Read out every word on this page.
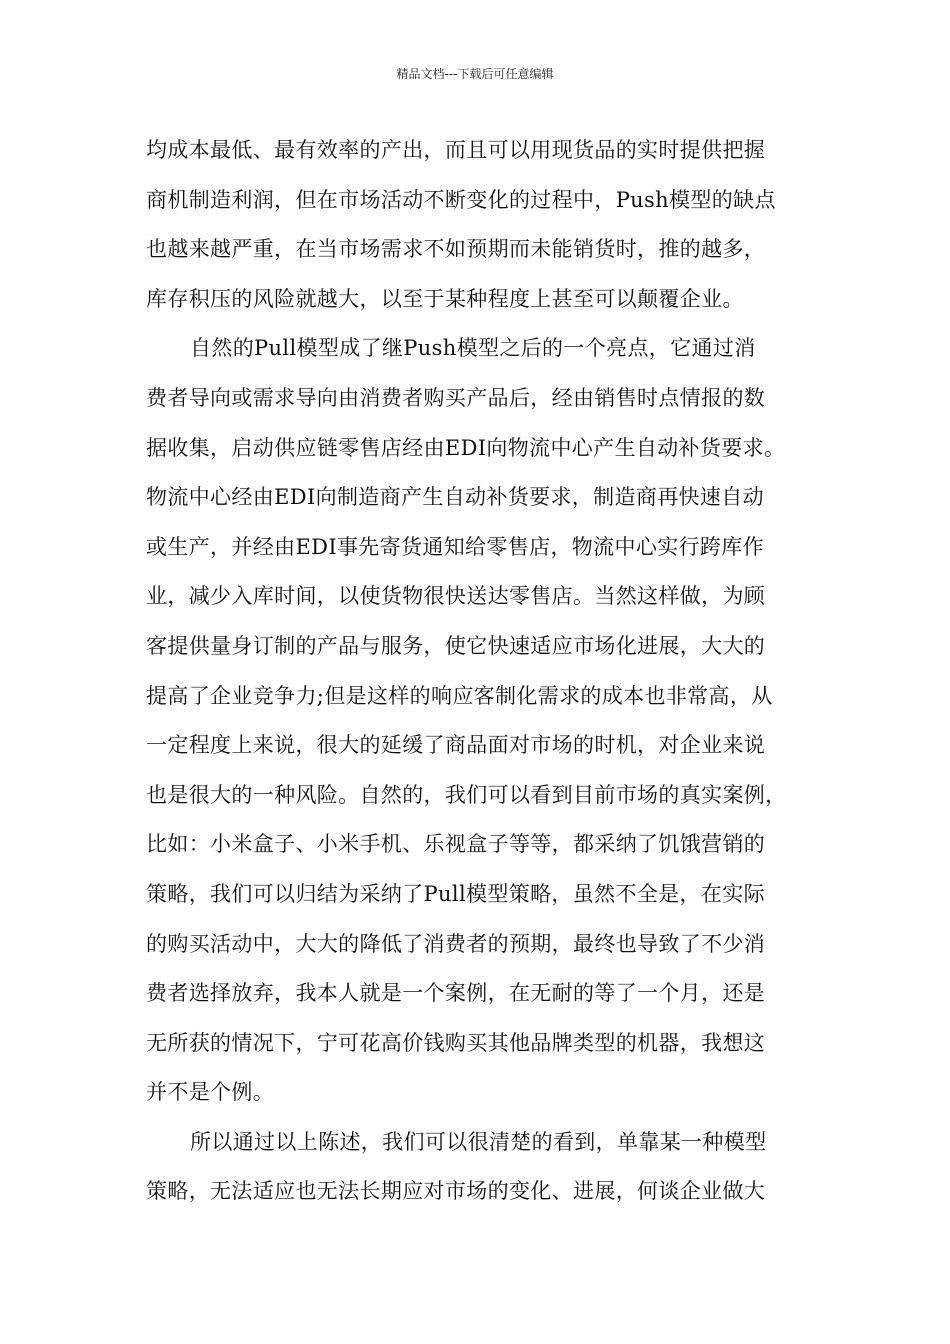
精品文档---下载后可任意编辑
均成本最低、最有效率的产出，而且可以用现货品的实时提供把握
商机制造利润，但在市场活动不断变化的过程中，Push模型的缺点
也越来越严重，在当市场需求不如预期而未能销货时，推的越多，
库存积压的风险就越大，以至于某种程度上甚至可以颠覆企业。
自然的Pull模型成了继Push模型之后的一个亮点，它通过消
费者导向或需求导向由消费者购买产品后，经由销售时点情报的数
据收集，启动供应链零售店经由EDI向物流中心产生自动补货要求。
物流中心经由EDI向制造商产生自动补货要求，制造商再快速自动
或生产，并经由EDI事先寄货通知给零售店，物流中心实行跨库作
业，减少入库时间，以使货物很快送达零售店。当然这样做，为顾
客提供量身订制的产品与服务，使它快速适应市场化进展，大大的
提高了企业竞争力;但是这样的响应客制化需求的成本也非常高，从
一定程度上来说，很大的延缓了商品面对市场的时机，对企业来说
也是很大的一种风险。自然的，我们可以看到目前市场的真实案例，
比如：小米盒子、小米手机、乐视盒子等等，都采纳了饥饿营销的
策略，我们可以归结为采纳了Pull模型策略，虽然不全是，在实际
的购买活动中，大大的降低了消费者的预期，最终也导致了不少消
费者选择放弃，我本人就是一个案例，在无耐的等了一个月，还是
无所获的情况下，宁可花高价钱购买其他品牌类型的机器，我想这
并不是个例。
所以通过以上陈述，我们可以很清楚的看到，单靠某一种模型
策略，无法适应也无法长期应对市场的变化、进展，何谈企业做大
